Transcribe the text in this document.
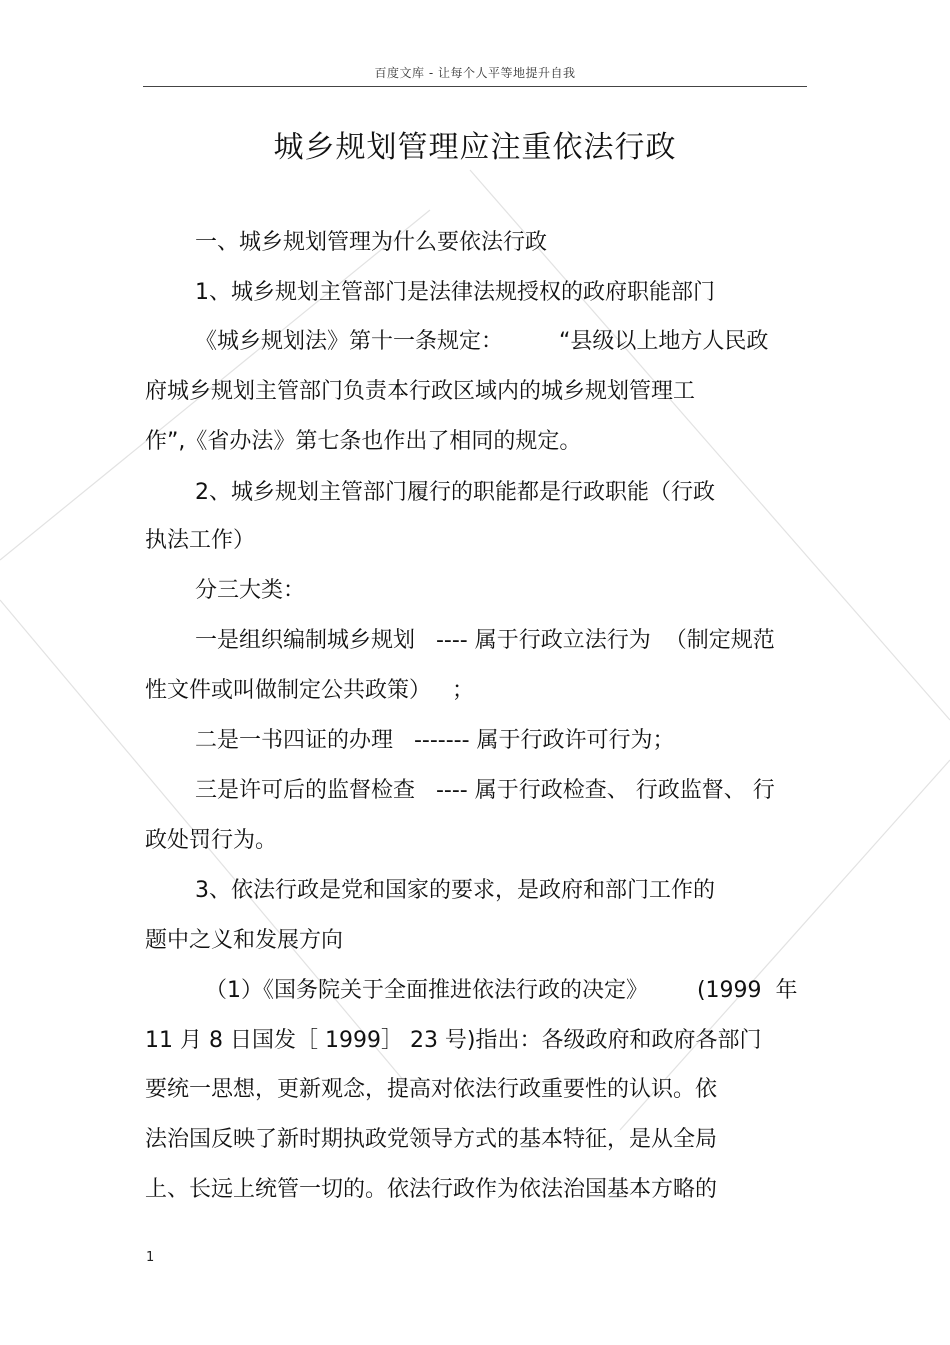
百度文库 - 让每个人平等地提升自我
城乡规划管理应注重依法行政
一、城乡规划管理为什么要依法行政
1、城乡规划主管部门是法律法规授权的政府职能部门
《城乡规划法》第十一条规定：        “县级以上地方人民政
府城乡规划主管部门负责本行政区域内的城乡规划管理工
作”,《省办法》第七条也作出了相同的规定。
2、城乡规划主管部门履行的职能都是行政职能（行政
执法工作）
分三大类：
一是组织编制城乡规划   ---- 属于行政立法行为  （制定规范
性文件或叫做制定公共政策）   ；
二是一书四证的办理   ------- 属于行政许可行为；
三是许可后的监督检查   ---- 属于行政检查、 行政监督、 行
政处罚行为。
3、依法行政是党和国家的要求，是政府和部门工作的
题中之义和发展方向
（1）《国务院关于全面推进依法行政的决定》       (1999  年
11 月 8 日国发［ 1999］ 23 号)指出：各级政府和政府各部门
要统一思想，更新观念，提高对依法行政重要性的认识。依
法治国反映了新时期执政党领导方式的基本特征，是从全局
上、长远上统管一切的。依法行政作为依法治国基本方略的
1
